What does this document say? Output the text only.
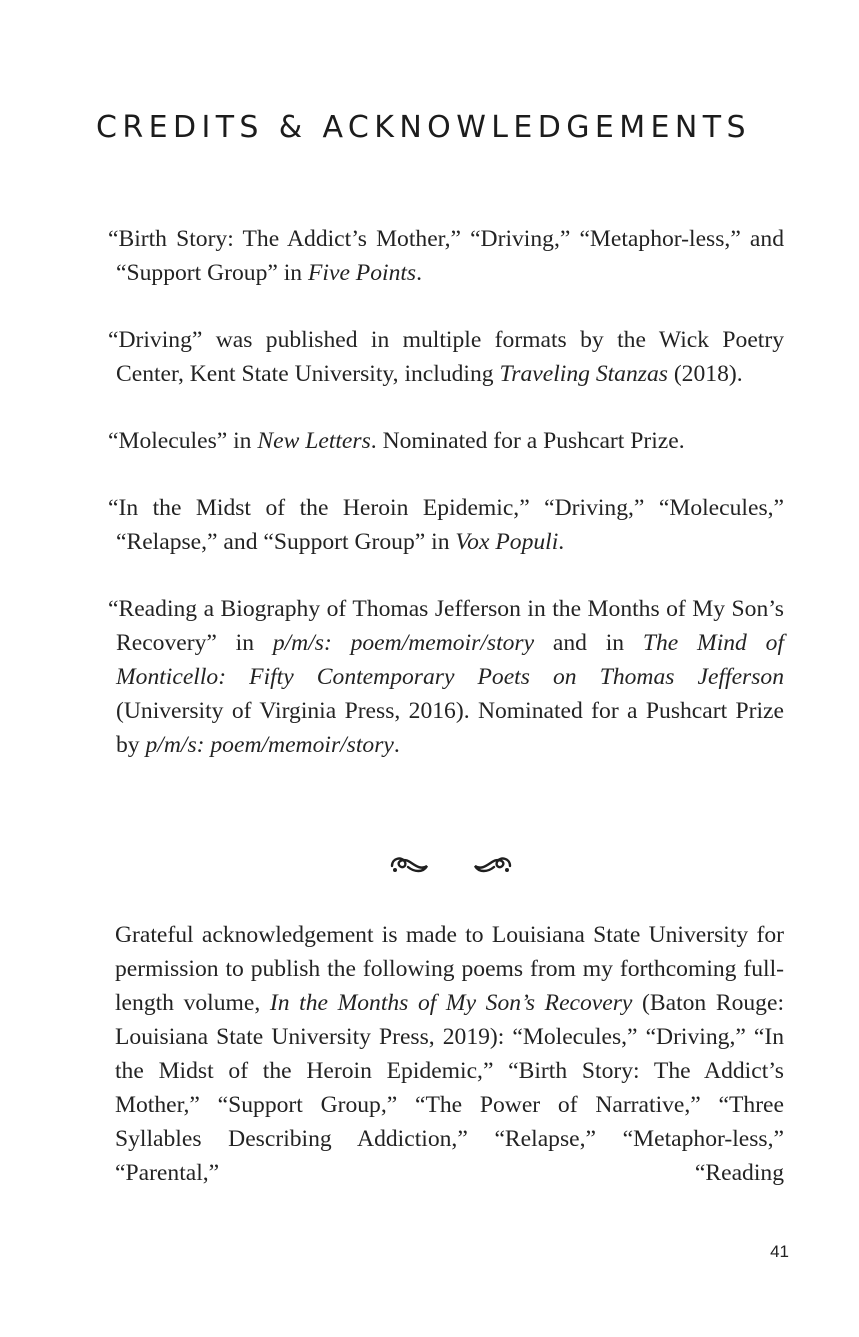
CREDITS & ACKNOWLEDGEMENTS

“Birth Story: The Addict’s Mother,” “Driving,” “Metaphor-less,” and “Support Group” in Five Points.

“Driving” was published in multiple formats by the Wick Poetry Center, Kent State University, including Traveling Stanzas (2018).

“Molecules” in New Letters. Nominated for a Pushcart Prize.

“In the Midst of the Heroin Epidemic,” “Driving,” “Molecules,” “Relapse,” and “Support Group” in Vox Populi.

“Reading a Biography of Thomas Jefferson in the Months of My Son’s Recovery” in p/m/s: poem/memoir/story and in The Mind of Monticello: Fifty Contemporary Poets on Thomas Jefferson (University of Virginia Press, 2016). Nominated for a Pushcart Prize by p/m/s: poem/memoir/story.

Grateful acknowledgement is made to Louisiana State University for permission to publish the following poems from my forthcoming full-length volume, In the Months of My Son’s Recovery (Baton Rouge: Louisiana State University Press, 2019): “Molecules,” “Driving,” “In the Midst of the Heroin Epidemic,” “Birth Story: The Addict’s Mother,” “Support Group,” “The Power of Narrative,” “Three Syllables Describing Addiction,” “Relapse,” “Metaphor-less,” “Parental,” “Reading

41
